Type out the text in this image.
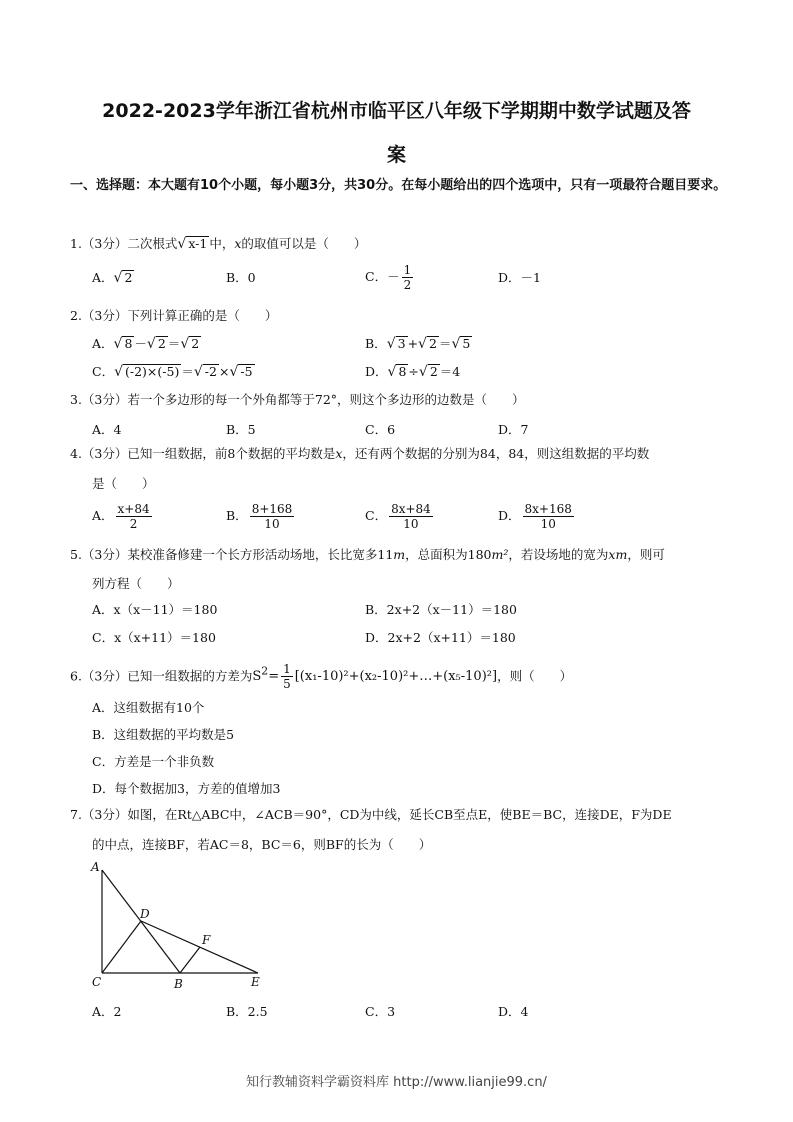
2022-2023学年浙江省杭州市临平区八年级下学期期中数学试题及答
案
一、选择题：本大题有10个小题，每小题3分，共30分。在每小题给出的四个选项中，只有一项最符合题目要求。
1.（3分）二次根式√ x-1 中，x的取值可以是（　　）
A．√ 2	B．0	C．－ $\frac{1}{2}$	D．－1
2.（3分）下列计算正确的是（　　）
A．√ 8 －√ 2 ＝√ 2	B．√ 3 +√ 2 ＝√ 5
C．√ (-2)×(-5) ＝√ -2 ×√ -5	D．√ 8 ÷√ 2 ＝4
3.（3分）若一个多边形的每一个外角都等于72°，则这个多边形的边数是（　　）
A．4	B．5	C．6	D．7
4.（3分）已知一组数据，前8个数据的平均数是x，还有两个数据的分别为84，84，则这组数据的平均数
是（　　）
A． $\frac{x+84}{2}$	B． $\frac{8+168}{10}$	C． $\frac{8x+84}{10}$	D． $\frac{8x+168}{10}$
5.（3分）某校准备修建一个长方形活动场地，长比宽多11m，总面积为180m²，若设场地的宽为xm，则可
列方程（　　）
A．x（x－11）＝180	B．2x+2（x－11）＝180
C．x（x+11）＝180	D．2x+2（x+11）＝180
6.（3分）已知一组数据的方差为$S^2= \frac{1}{5}$ [(x₁-10)²+(x₂-10)²+…+(x₅-10)²]，则（　　）
A．这组数据有10个
B．这组数据的平均数是5
C．方差是一个非负数
D．每个数据加3，方差的值增加3
7.（3分）如图，在Rt△ABC中，∠ACB＝90°，CD为中线，延长CB至点E，使BE＝BC，连接DE，F为DE
的中点，连接BF，若AC＝8，BC＝6，则BF的长为（　　）
A
C
D
B
F
E
A．2	B．2.5	C．3	D．4
知行教辅资料学霸资料库 http://www.lianjie99.cn/
